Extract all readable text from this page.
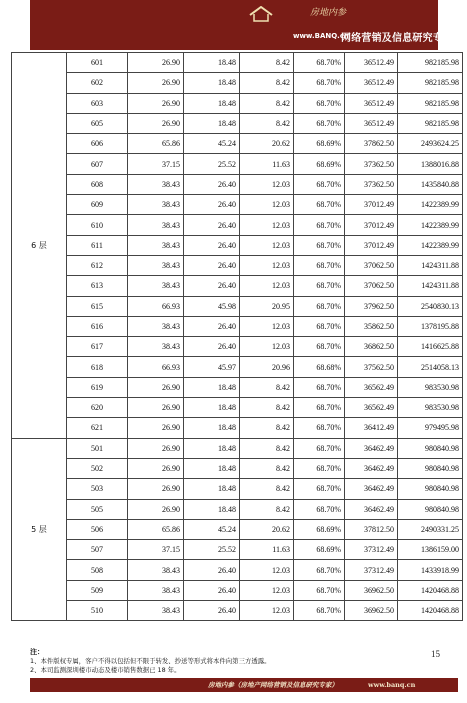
房地内参
www.BANQ.cn
网络营销及信息研究专家
6 层	601	26.90	18.48	8.42	68.70%	36512.49	982185.98
	602	26.90	18.48	8.42	68.70%	36512.49	982185.98
	603	26.90	18.48	8.42	68.70%	36512.49	982185.98
	605	26.90	18.48	8.42	68.70%	36512.49	982185.98
	606	65.86	45.24	20.62	68.69%	37862.50	2493624.25
	607	37.15	25.52	11.63	68.69%	37362.50	1388016.88
	608	38.43	26.40	12.03	68.70%	37362.50	1435840.88
	609	38.43	26.40	12.03	68.70%	37012.49	1422389.99
	610	38.43	26.40	12.03	68.70%	37012.49	1422389.99
	611	38.43	26.40	12.03	68.70%	37012.49	1422389.99
	612	38.43	26.40	12.03	68.70%	37062.50	1424311.88
	613	38.43	26.40	12.03	68.70%	37062.50	1424311.88
	615	66.93	45.98	20.95	68.70%	37962.50	2540830.13
	616	38.43	26.40	12.03	68.70%	35862.50	1378195.88
	617	38.43	26.40	12.03	68.70%	36862.50	1416625.88
	618	66.93	45.97	20.96	68.68%	37562.50	2514058.13
	619	26.90	18.48	8.42	68.70%	36562.49	983530.98
	620	26.90	18.48	8.42	68.70%	36562.49	983530.98
	621	26.90	18.48	8.42	68.70%	36412.49	979495.98
5 层	501	26.90	18.48	8.42	68.70%	36462.49	980840.98
	502	26.90	18.48	8.42	68.70%	36462.49	980840.98
	503	26.90	18.48	8.42	68.70%	36462.49	980840.98
	505	26.90	18.48	8.42	68.70%	36462.49	980840.98
	506	65.86	45.24	20.62	68.69%	37812.50	2490331.25
	507	37.15	25.52	11.63	68.69%	37312.49	1386159.00
	508	38.43	26.40	12.03	68.70%	37312.49	1433918.99
	509	38.43	26.40	12.03	68.70%	36962.50	1420468.88
	510	38.43	26.40	12.03	68.70%	36962.50	1420468.88
注：
1、本件版权专属，客户不得以包括但不限于转发、抄送等形式将本件向第三方透露。
2、本司监测深圳楼市动态及楼市销售数据已 18 年。
15
房地内参（房地产网络营销及信息研究专家）	www.banq.cn
